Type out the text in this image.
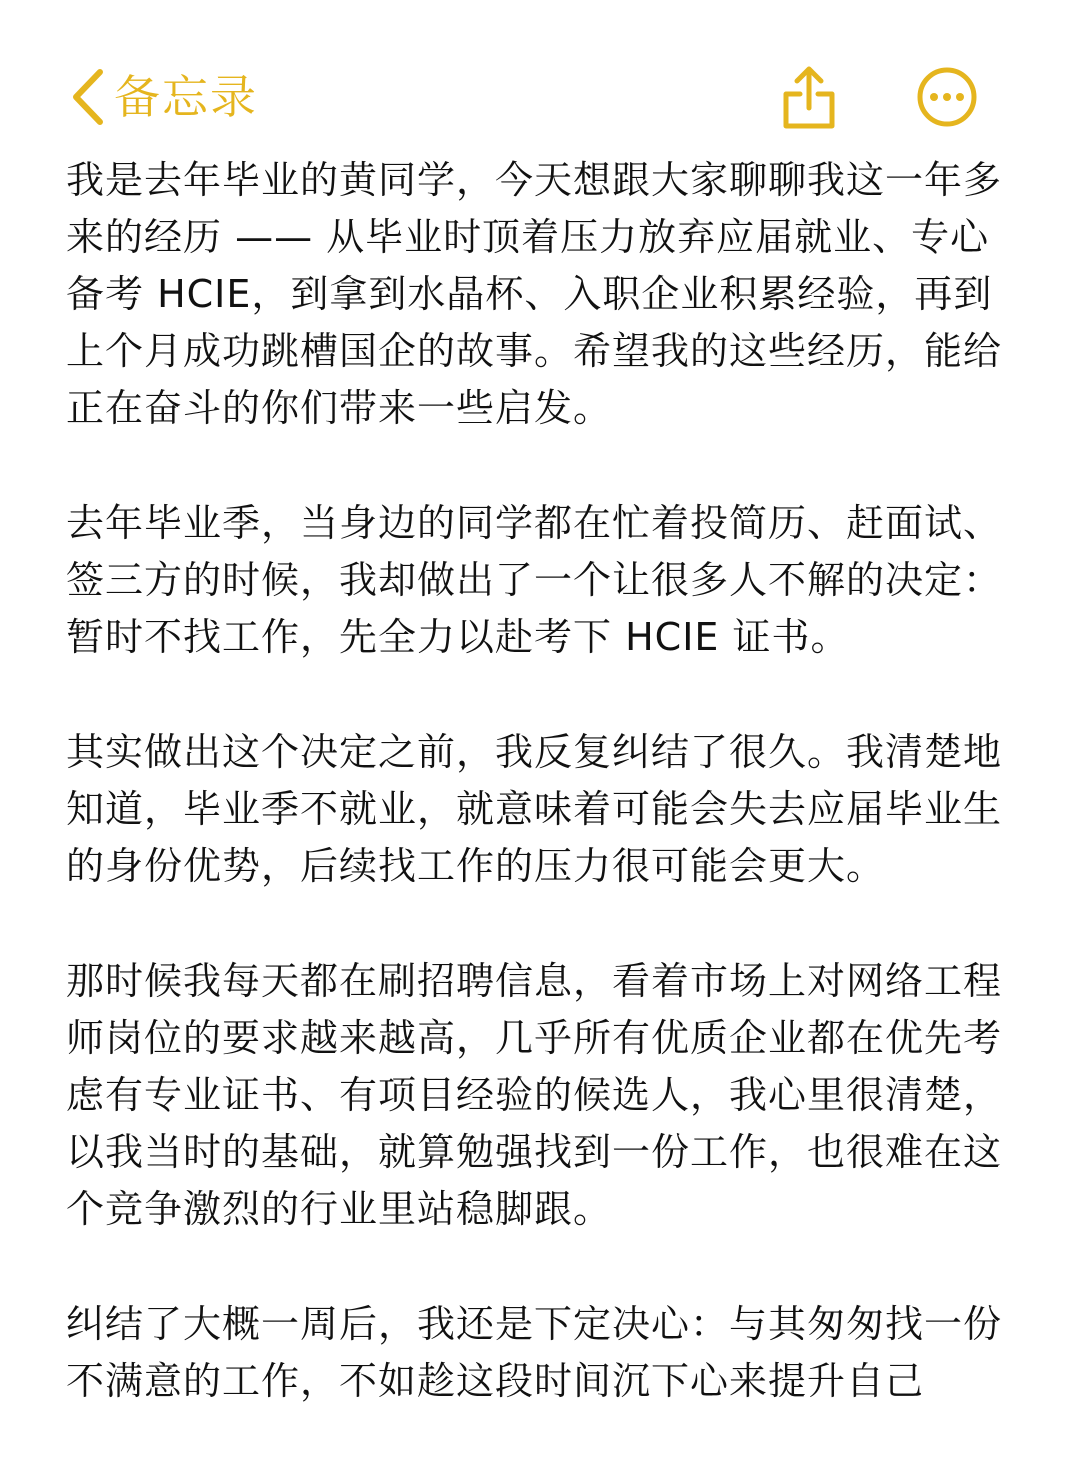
备忘录

我是去年毕业的黄同学，今天想跟大家聊聊我这一年多来的经历 —— 从毕业时顶着压力放弃应届就业、专心备考 HCIE，到拿到水晶杯、入职企业积累经验，再到上个月成功跳槽国企的故事。希望我的这些经历，能给正在奋斗的你们带来一些启发。

去年毕业季，当身边的同学都在忙着投简历、赶面试、签三方的时候，我却做出了一个让很多人不解的决定：暂时不找工作，先全力以赴考下 HCIE 证书。

其实做出这个决定之前，我反复纠结了很久。我清楚地知道，毕业季不就业，就意味着可能会失去应届毕业生的身份优势，后续找工作的压力很可能会更大。

那时候我每天都在刷招聘信息，看着市场上对网络工程师岗位的要求越来越高，几乎所有优质企业都在优先考虑有专业证书、有项目经验的候选人，我心里很清楚，以我当时的基础，就算勉强找到一份工作，也很难在这个竞争激烈的行业里站稳脚跟。

纠结了大概一周后，我还是下定决心：与其匆匆找一份不满意的工作，不如趁这段时间沉下心来提升自己
